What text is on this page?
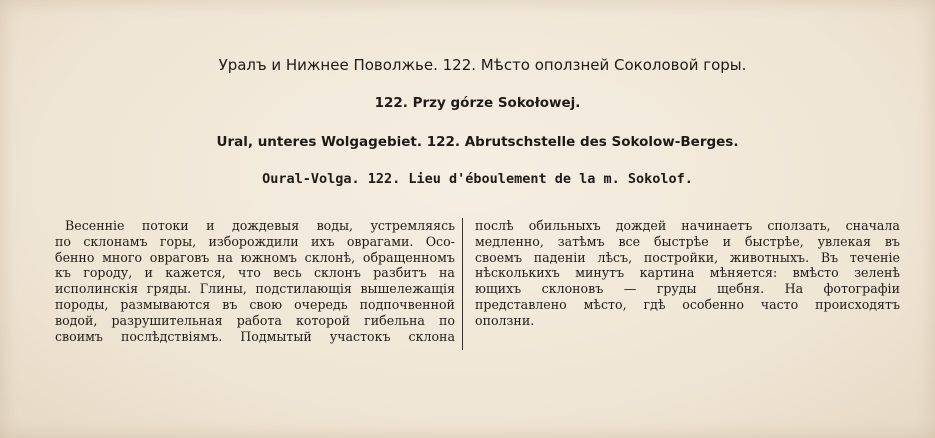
Уралъ и Нижнее Поволжье. 122. Мѣсто оползней Соколовой горы.
122. Przy górze Sokołowej.
Ural, unteres Wolgagebiet. 122. Abrutschstelle des Sokolow-Berges.
Oural-Volga. 122. Lieu d'éboulement de la m. Sokolof.
Весеннiе потоки и дождевыя воды, устремляясь
по склонамъ горы, изборождили ихъ оврагами. Осо-
бенно много овраговъ на южномъ склонѣ, обращенномъ
къ городу, и кажется, что весь склонъ разбитъ на
исполинскiя гряды. Глины, подстилающiя вышележащiя
породы, размываются въ свою очередь подпочвенной
водой, разрушительная работа которой гибельна по
своимъ послѣдствiямъ. Подмытый участокъ склона
послѣ обильныхъ дождей начинаетъ сползать, сначала
медленно, затѣмъ все быстрѣе и быстрѣе, увлекая въ
своемъ паденiи лѣсъ, постройки, животныхъ. Въ теченiе
нѣсколькихъ минутъ картина мѣняется: вмѣсто зеленѣ
ющихъ склоновъ — груды щебня. На фотографiи
представлено мѣсто, гдѣ особенно часто происходятъ
оползни.
